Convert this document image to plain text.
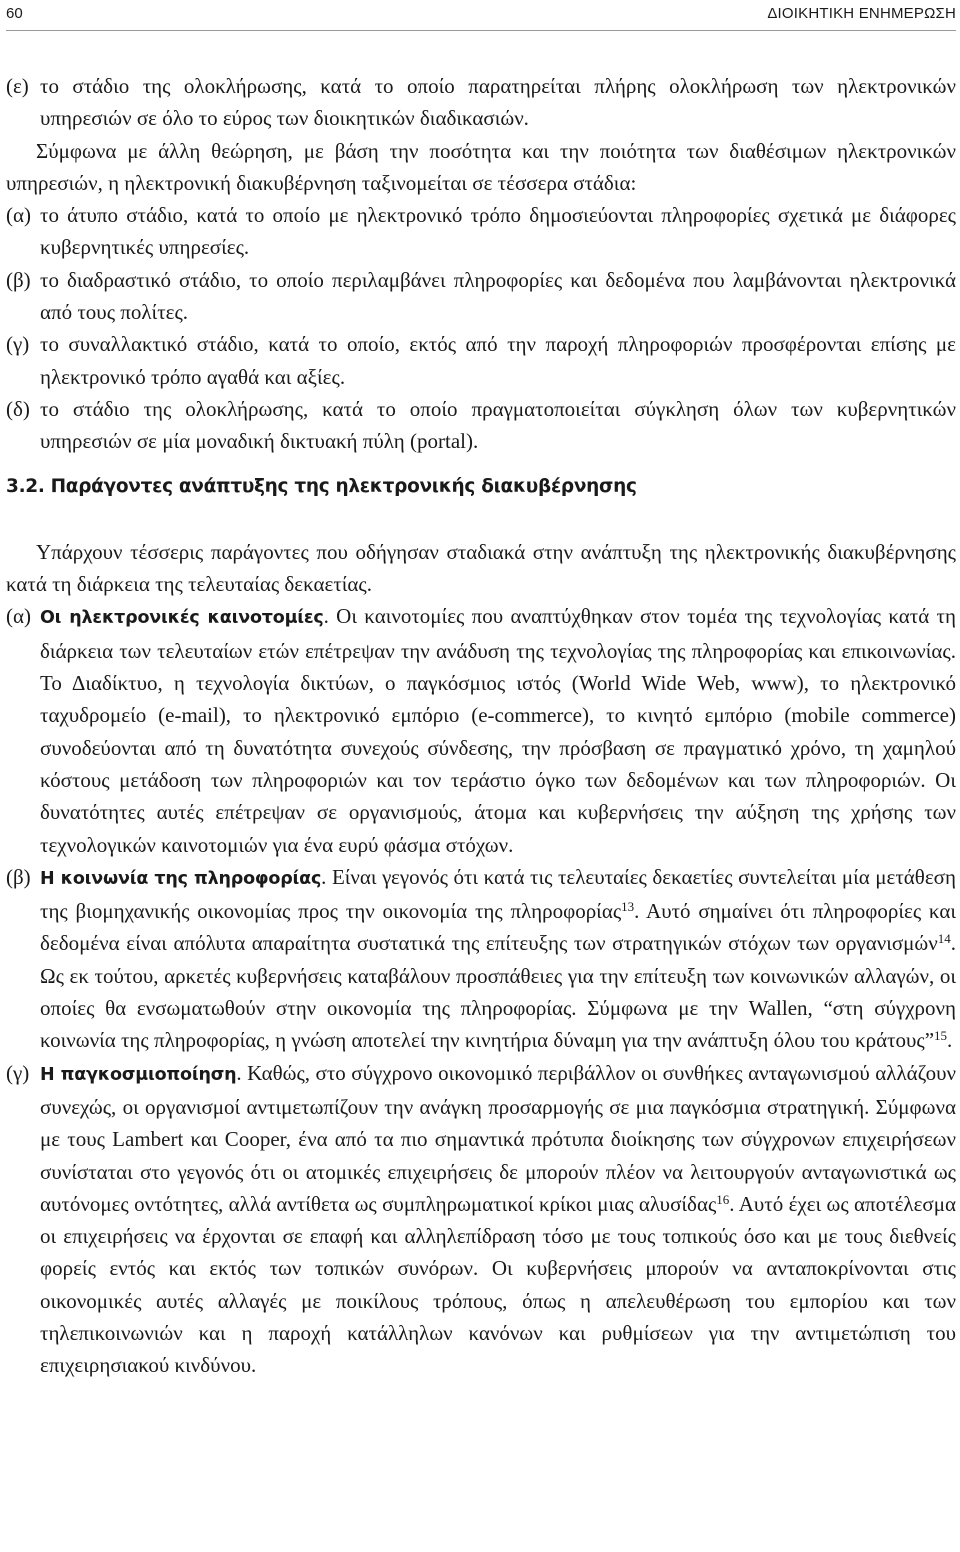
60	ΔΙΟΙΚΗΤΙΚΗ ΕΝΗΜΕΡΩΣΗ
(ε) το στάδιο της ολοκλήρωσης, κατά το οποίο παρατηρείται πλήρης ολοκλήρωση των ηλεκτρονικών υπηρεσιών σε όλο το εύρος των διοικητικών διαδικασιών.
Σύμφωνα με άλλη θεώρηση, με βάση την ποσότητα και την ποιότητα των διαθέσιμων ηλεκτρονικών υπηρεσιών, η ηλεκτρονική διακυβέρνηση ταξινομείται σε τέσσερα στάδια:
(α) το άτυπο στάδιο, κατά το οποίο με ηλεκτρονικό τρόπο δημοσιεύονται πληροφορίες σχετικά με διάφορες κυβερνητικές υπηρεσίες.
(β) το διαδραστικό στάδιο, το οποίο περιλαμβάνει πληροφορίες και δεδομένα που λαμβάνονται ηλεκτρονικά από τους πολίτες.
(γ) το συναλλακτικό στάδιο, κατά το οποίο, εκτός από την παροχή πληροφοριών προσφέρονται επίσης με ηλεκτρονικό τρόπο αγαθά και αξίες.
(δ) το στάδιο της ολοκλήρωσης, κατά το οποίο πραγματοποιείται σύγκληση όλων των κυβερνητικών υπηρεσιών σε μία μοναδική δικτυακή πύλη (portal).
3.2. Παράγοντες ανάπτυξης της ηλεκτρονικής διακυβέρνησης
Υπάρχουν τέσσερις παράγοντες που οδήγησαν σταδιακά στην ανάπτυξη της ηλεκτρονικής διακυβέρνησης κατά τη διάρκεια της τελευταίας δεκαετίας.
(α) Οι ηλεκτρονικές καινοτομίες. Οι καινοτομίες που αναπτύχθηκαν στον τομέα της τεχνολογίας κατά τη διάρκεια των τελευταίων ετών επέτρεψαν την ανάδυση της τεχνολογίας της πληροφορίας και επικοινωνίας. Το Διαδίκτυο, η τεχνολογία δικτύων, ο παγκόσμιος ιστός (World Wide Web, www), το ηλεκτρονικό ταχυδρομείο (e-mail), το ηλεκτρονικό εμπόριο (e-commerce), το κινητό εμπόριο (mobile commerce) συνοδεύονται από τη δυνατότητα συνεχούς σύνδεσης, την πρόσβαση σε πραγματικό χρόνο, τη χαμηλού κόστους μετάδοση των πληροφοριών και τον τεράστιο όγκο των δεδομένων και των πληροφοριών. Οι δυνατότητες αυτές επέτρεψαν σε οργανισμούς, άτομα και κυβερνήσεις την αύξηση της χρήσης των τεχνολογικών καινοτομιών για ένα ευρύ φάσμα στόχων.
(β) Η κοινωνία της πληροφορίας. Είναι γεγονός ότι κατά τις τελευταίες δεκαετίες συντελείται μία μετάθεση της βιομηχανικής οικονομίας προς την οικονομία της πληροφορίας$^{13}$. Αυτό σημαίνει ότι πληροφορίες και δεδομένα είναι απόλυτα απαραίτητα συστατικά της επίτευξης των στρατηγικών στόχων των οργανισμών$^{14}$. Ως εκ τούτου, αρκετές κυβερνήσεις καταβάλουν προσπάθειες για την επίτευξη των κοινωνικών αλλαγών, οι οποίες θα ενσωματωθούν στην οικονομία της πληροφορίας. Σύμφωνα με την Wallen, “στη σύγχρονη κοινωνία της πληροφορίας, η γνώση αποτελεί την κινητήρια δύναμη για την ανάπτυξη όλου του κράτους”$^{15}$.
(γ) Η παγκοσμιοποίηση. Καθώς, στο σύγχρονο οικονομικό περιβάλλον οι συνθήκες ανταγωνισμού αλλάζουν συνεχώς, οι οργανισμοί αντιμετωπίζουν την ανάγκη προσαρμογής σε μια παγκόσμια στρατηγική. Σύμφωνα με τους Lambert και Cooper, ένα από τα πιο σημαντικά πρότυπα διοίκησης των σύγχρονων επιχειρήσεων συνίσταται στο γεγονός ότι οι ατομικές επιχειρήσεις δε μπορούν πλέον να λειτουργούν ανταγωνιστικά ως αυτόνομες οντότητες, αλλά αντίθετα ως συμπληρωματικοί κρίκοι μιας αλυσίδας$^{16}$. Αυτό έχει ως αποτέλεσμα οι επιχειρήσεις να έρχονται σε επαφή και αλληλεπίδραση τόσο με τους τοπικούς όσο και με τους διεθνείς φορείς εντός και εκτός των τοπικών συνόρων. Οι κυβερνήσεις μπορούν να ανταποκρίνονται στις οικονομικές αυτές αλλαγές με ποικίλους τρόπους, όπως η απελευθέρωση του εμπορίου και των τηλεπικοινωνιών και η παροχή κατάλληλων κανόνων και ρυθμίσεων για την αντιμετώπιση του επιχειρησιακού κινδύνου.
